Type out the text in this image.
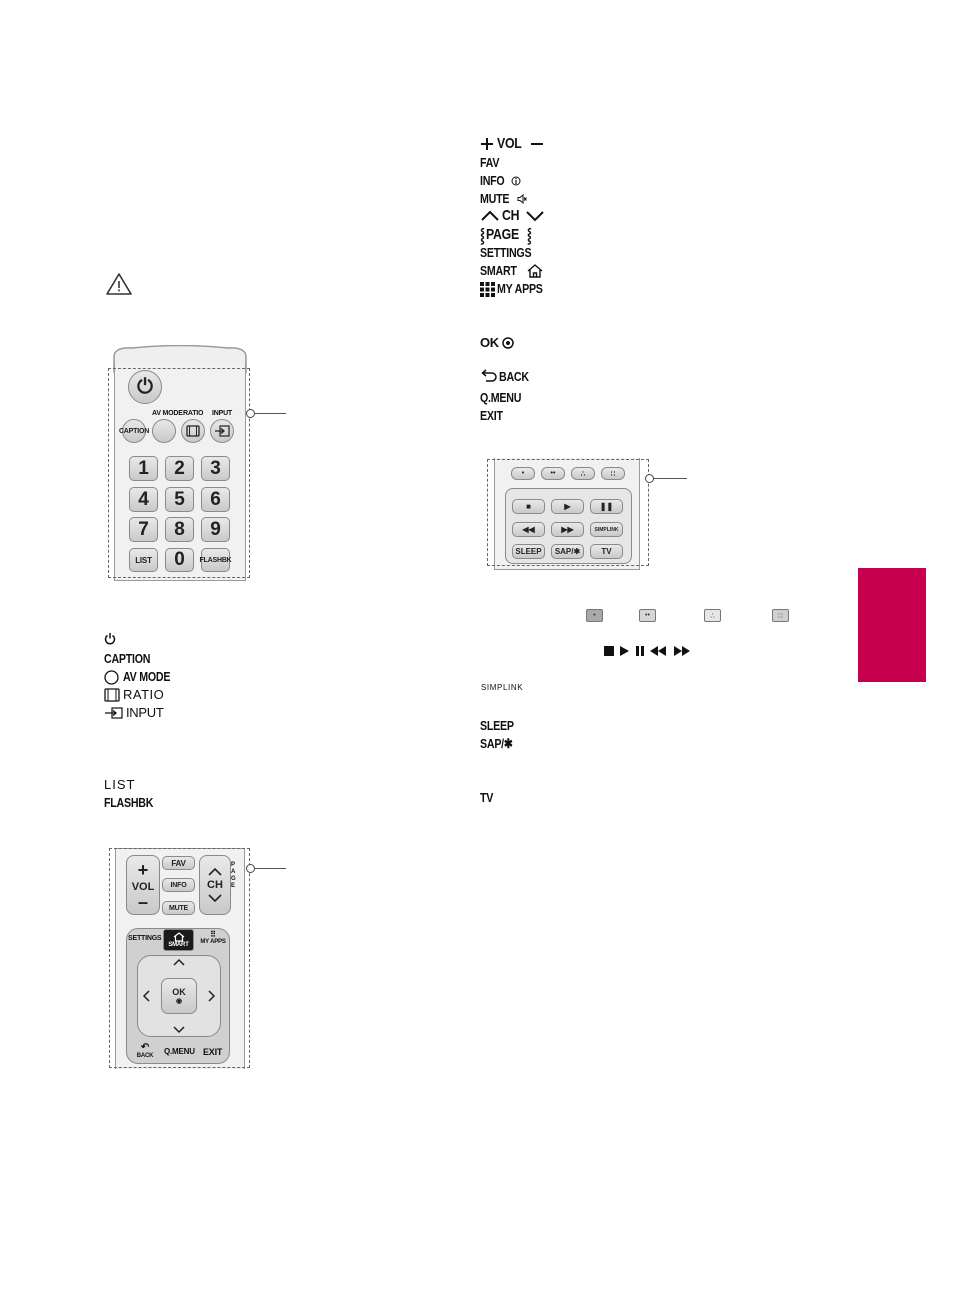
⏻
AV MODE RATIO INPUT
CAPTION
1	2	3
4	5	6
7	8	9
LIST	0	FLASHBK
CAPTION
AV MODE
RATIO
INPUT
LIST
FLASHBK
+
VOL
–
FAV
INFO
MUTE
CH
PAGE
SETTINGS
SMART
⠿
MY APPS
OK
◉
↶
BACK	Q.MENU EXIT
VOL
FAV
INFO
MUTE
CH
⸾ PAGE ⸾
SETTINGS
SMART
MY APPS
OK
BACK
Q.MENU
EXIT
•	••	∴	∷
■	▶	❚❚
◀◀	▶▶	SIMPLINK
SLEEP	SAP/✱	TV
•	••	∴	∷
SIMPLINK
SLEEP
SAP/✱
TV
